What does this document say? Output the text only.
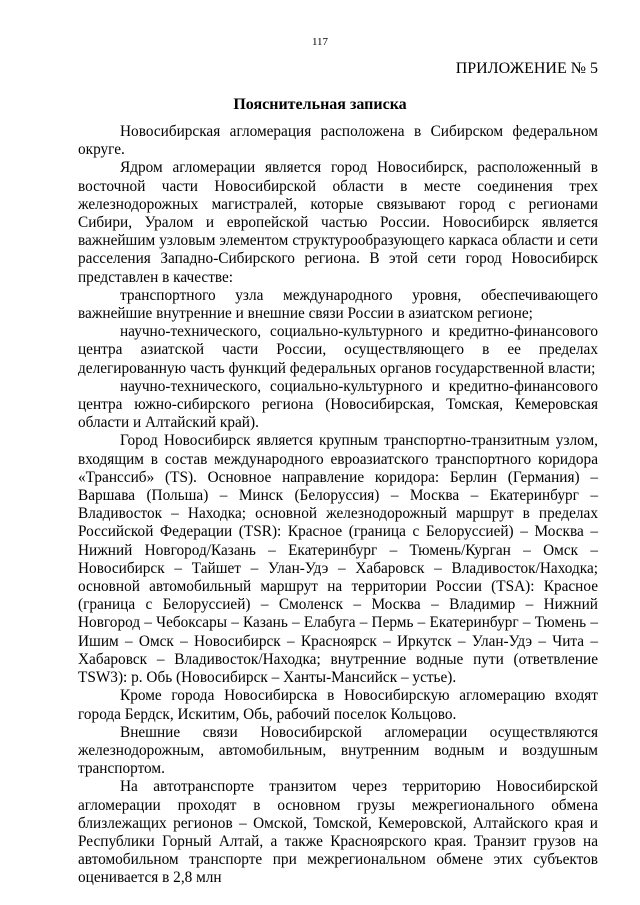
117
ПРИЛОЖЕНИЕ № 5
Пояснительная записка

Новосибирская агломерация расположена в Сибирском федеральном округе.

Ядром агломерации является город Новосибирск, расположенный в восточной части Новосибирской области в месте соединения трех железнодорожных магистралей, которые связывают город с регионами Сибири, Уралом и европейской частью России. Новосибирск является важнейшим узловым элементом структурообразующего каркаса области и сети расселения Западно-Сибирского региона. В этой сети город Новосибирск представлен в качестве:

транспортного узла международного уровня, обеспечивающего важнейшие внутренние и внешние связи России в азиатском регионе;

научно-технического, социально-культурного и кредитно-финансового центра азиатской части России, осуществляющего в ее пределах делегированную часть функций федеральных органов государственной власти;

научно-технического, социально-культурного и кредитно-финансового центра южно-сибирского региона (Новосибирская, Томская, Кемеровская области и Алтайский край).

Город Новосибирск является крупным транспортно-транзитным узлом, входящим в состав международного евроазиатского транспортного коридора «Транссиб» (TS). Основное направление коридора: Берлин (Германия) – Варшава (Польша) – Минск (Белоруссия) – Москва – Екатеринбург – Владивосток – Находка; основной железнодорожный маршрут в пределах Российской Федерации (TSR): Красное (граница с Белоруссией) – Москва – Нижний Новгород/Казань – Екатеринбург – Тюмень/Курган – Омск – Новосибирск – Тайшет – Улан-Удэ – Хабаровск – Владивосток/Находка; основной автомобильный маршрут на территории России (TSA): Красное (граница с Белоруссией) – Смоленск – Москва – Владимир – Нижний Новгород – Чебоксары – Казань – Елабуга – Пермь – Екатеринбург – Тюмень – Ишим – Омск – Новосибирск – Красноярск – Иркутск – Улан-Удэ – Чита – Хабаровск – Владивосток/Находка; внутренние водные пути (ответвление TSW3): р. Обь (Новосибирск – Ханты-Мансийск – устье).

Кроме города Новосибирска в Новосибирскую агломерацию входят города Бердск, Искитим, Обь, рабочий поселок Кольцово.

Внешние связи Новосибирской агломерации осуществляются железнодорожным, автомобильным, внутренним водным и воздушным транспортом.

На автотранспорте транзитом через территорию Новосибирской агломерации проходят в основном грузы межрегионального обмена близлежащих регионов – Омской, Томской, Кемеровской, Алтайского края и Республики Горный Алтай, а также Красноярского края. Транзит грузов на автомобильном транспорте при межрегиональном обмене этих субъектов оценивается в 2,8 млн
